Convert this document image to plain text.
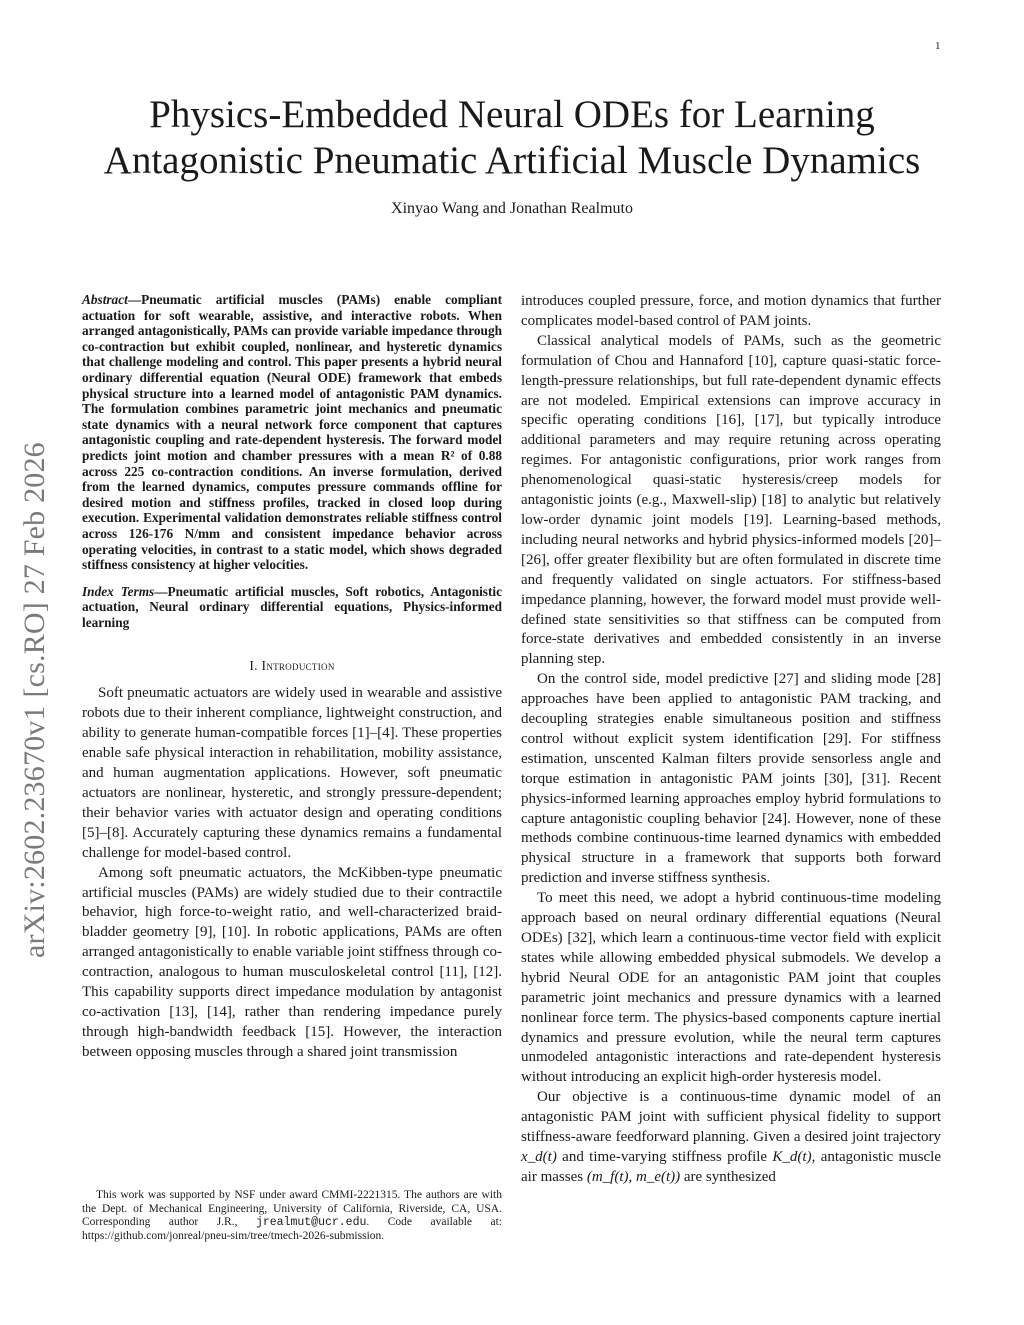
1
arXiv:2602.23670v1 [cs.RO] 27 Feb 2026
Physics-Embedded Neural ODEs for Learning
Antagonistic Pneumatic Artificial Muscle Dynamics
Xinyao Wang and Jonathan Realmuto

Abstract—Pneumatic artificial muscles (PAMs) enable compliant actuation for soft wearable, assistive, and interactive robots. When arranged antagonistically, PAMs can provide variable impedance through co-contraction but exhibit coupled, nonlinear, and hysteretic dynamics that challenge modeling and control. This paper presents a hybrid neural ordinary differential equation (Neural ODE) framework that embeds physical structure into a learned model of antagonistic PAM dynamics. The formulation combines parametric joint mechanics and pneumatic state dynamics with a neural network force component that captures antagonistic coupling and rate-dependent hysteresis. The forward model predicts joint motion and chamber pressures with a mean R² of 0.88 across 225 co-contraction conditions. An inverse formulation, derived from the learned dynamics, computes pressure commands offline for desired motion and stiffness profiles, tracked in closed loop during execution. Experimental validation demonstrates reliable stiffness control across 126-176 N/mm and consistent impedance behavior across operating velocities, in contrast to a static model, which shows degraded stiffness consistency at higher velocities.

Index Terms—Pneumatic artificial muscles, Soft robotics, Antagonistic actuation, Neural ordinary differential equations, Physics-informed learning

I. Introduction

Soft pneumatic actuators are widely used in wearable and assistive robots due to their inherent compliance, lightweight construction, and ability to generate human-compatible forces [1]–[4]. These properties enable safe physical interaction in rehabilitation, mobility assistance, and human augmentation applications. However, soft pneumatic actuators are nonlinear, hysteretic, and strongly pressure-dependent; their behavior varies with actuator design and operating conditions [5]–[8]. Accurately capturing these dynamics remains a fundamental challenge for model-based control.

Among soft pneumatic actuators, the McKibben-type pneumatic artificial muscles (PAMs) are widely studied due to their contractile behavior, high force-to-weight ratio, and well-characterized braid-bladder geometry [9], [10]. In robotic applications, PAMs are often arranged antagonistically to enable variable joint stiffness through co-contraction, analogous to human musculoskeletal control [11], [12]. This capability supports direct impedance modulation by antagonist co-activation [13], [14], rather than rendering impedance purely through high-bandwidth feedback [15]. However, the interaction between opposing muscles through a shared joint transmission

This work was supported by NSF under award CMMI-2221315. The authors are with the Dept. of Mechanical Engineering, University of California, Riverside, CA, USA. Corresponding author J.R., jrealmut@ucr.edu. Code available at: https://github.com/jonreal/pneu-sim/tree/tmech-2026-submission.

introduces coupled pressure, force, and motion dynamics that further complicates model-based control of PAM joints.

Classical analytical models of PAMs, such as the geometric formulation of Chou and Hannaford [10], capture quasi-static force-length-pressure relationships, but full rate-dependent dynamic effects are not modeled. Empirical extensions can improve accuracy in specific operating conditions [16], [17], but typically introduce additional parameters and may require retuning across operating regimes. For antagonistic configurations, prior work ranges from phenomenological quasi-static hysteresis/creep models for antagonistic joints (e.g., Maxwell-slip) [18] to analytic but relatively low-order dynamic joint models [19]. Learning-based methods, including neural networks and hybrid physics-informed models [20]–[26], offer greater flexibility but are often formulated in discrete time and frequently validated on single actuators. For stiffness-based impedance planning, however, the forward model must provide well-defined state sensitivities so that stiffness can be computed from force-state derivatives and embedded consistently in an inverse planning step.

On the control side, model predictive [27] and sliding mode [28] approaches have been applied to antagonistic PAM tracking, and decoupling strategies enable simultaneous position and stiffness control without explicit system identification [29]. For stiffness estimation, unscented Kalman filters provide sensorless angle and torque estimation in antagonistic PAM joints [30], [31]. Recent physics-informed learning approaches employ hybrid formulations to capture antagonistic coupling behavior [24]. However, none of these methods combine continuous-time learned dynamics with embedded physical structure in a framework that supports both forward prediction and inverse stiffness synthesis.

To meet this need, we adopt a hybrid continuous-time modeling approach based on neural ordinary differential equations (Neural ODEs) [32], which learn a continuous-time vector field with explicit states while allowing embedded physical submodels. We develop a hybrid Neural ODE for an antagonistic PAM joint that couples parametric joint mechanics and pressure dynamics with a learned nonlinear force term. The physics-based components capture inertial dynamics and pressure evolution, while the neural term captures unmodeled antagonistic interactions and rate-dependent hysteresis without introducing an explicit high-order hysteresis model.

Our objective is a continuous-time dynamic model of an antagonistic PAM joint with sufficient physical fidelity to support stiffness-aware feedforward planning. Given a desired joint trajectory x_d(t) and time-varying stiffness profile K_d(t), antagonistic muscle air masses (m_f(t), m_e(t)) are synthesized
